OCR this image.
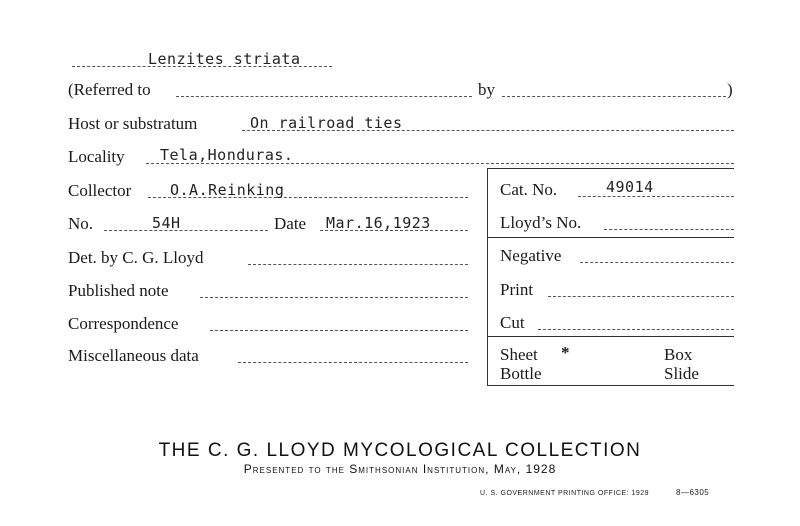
Lenzites striata
(Referred to	by	)
Host or substratum	On railroad ties
Locality Tela,Honduras.
Collector	O.A.Reinking	Cat. No.	49014
No.	54H	Date Mar.16,1923	Lloyd’s No.
Det. by C. G. Lloyd	Negative
Published note	Print
Correspondence	Cut
Miscellaneous data	Sheet *	Box
Bottle	Slide
THE C. G. LLOYD MYCOLOGICAL COLLECTION
Presented to the Smithsonian Institution, May, 1928
U. S. GOVERNMENT PRINTING OFFICE: 1929	8—6305
